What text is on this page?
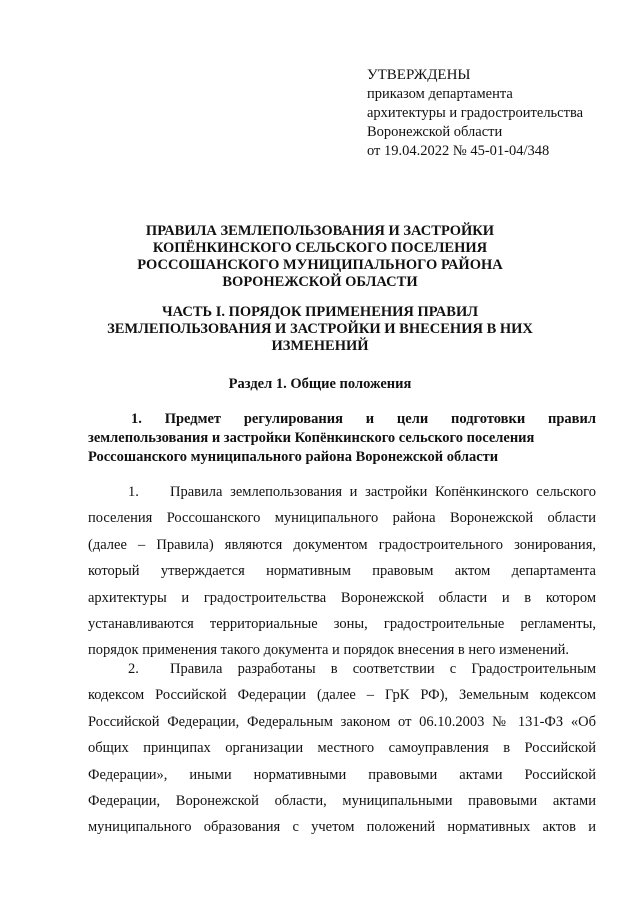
УТВЕРЖДЕНЫ
приказом департамента
архитектуры и градостроительства
Воронежской области
от 19.04.2022 № 45-01-04/348
ПРАВИЛА ЗЕМЛЕПОЛЬЗОВАНИЯ И ЗАСТРОЙКИ
КОПЁНКИНСКОГО СЕЛЬСКОГО ПОСЕЛЕНИЯ
РОССОШАНСКОГО МУНИЦИПАЛЬНОГО РАЙОНА
ВОРОНЕЖСКОЙ ОБЛАСТИ
ЧАСТЬ I. ПОРЯДОК ПРИМЕНЕНИЯ ПРАВИЛ
ЗЕМЛЕПОЛЬЗОВАНИЯ И ЗАСТРОЙКИ И ВНЕСЕНИЯ В НИХ
ИЗМЕНЕНИЙ
Раздел 1. Общие положения
1. Предмет регулирования и цели подготовки правил
землепользования и застройки Копёнкинского сельского поселения
Россошанского муниципального района Воронежской области
1. Правила землепользования и застройки Копёнкинского сельского
поселения Россошанского муниципального района Воронежской области
(далее – Правила) являются документом градостроительного зонирования,
который утверждается нормативным правовым актом департамента
архитектуры и градостроительства Воронежской области и в котором
устанавливаются территориальные зоны, градостроительные регламенты,
порядок применения такого документа и порядок внесения в него изменений.
2. Правила разработаны в соответствии с Градостроительным
кодексом Российской Федерации (далее – ГрК РФ), Земельным кодексом
Российской Федерации, Федеральным законом от 06.10.2003 № 131-ФЗ «Об
общих принципах организации местного самоуправления в Российской
Федерации», иными нормативными правовыми актами Российской
Федерации, Воронежской области, муниципальными правовыми актами
муниципального образования с учетом положений нормативных актов и
